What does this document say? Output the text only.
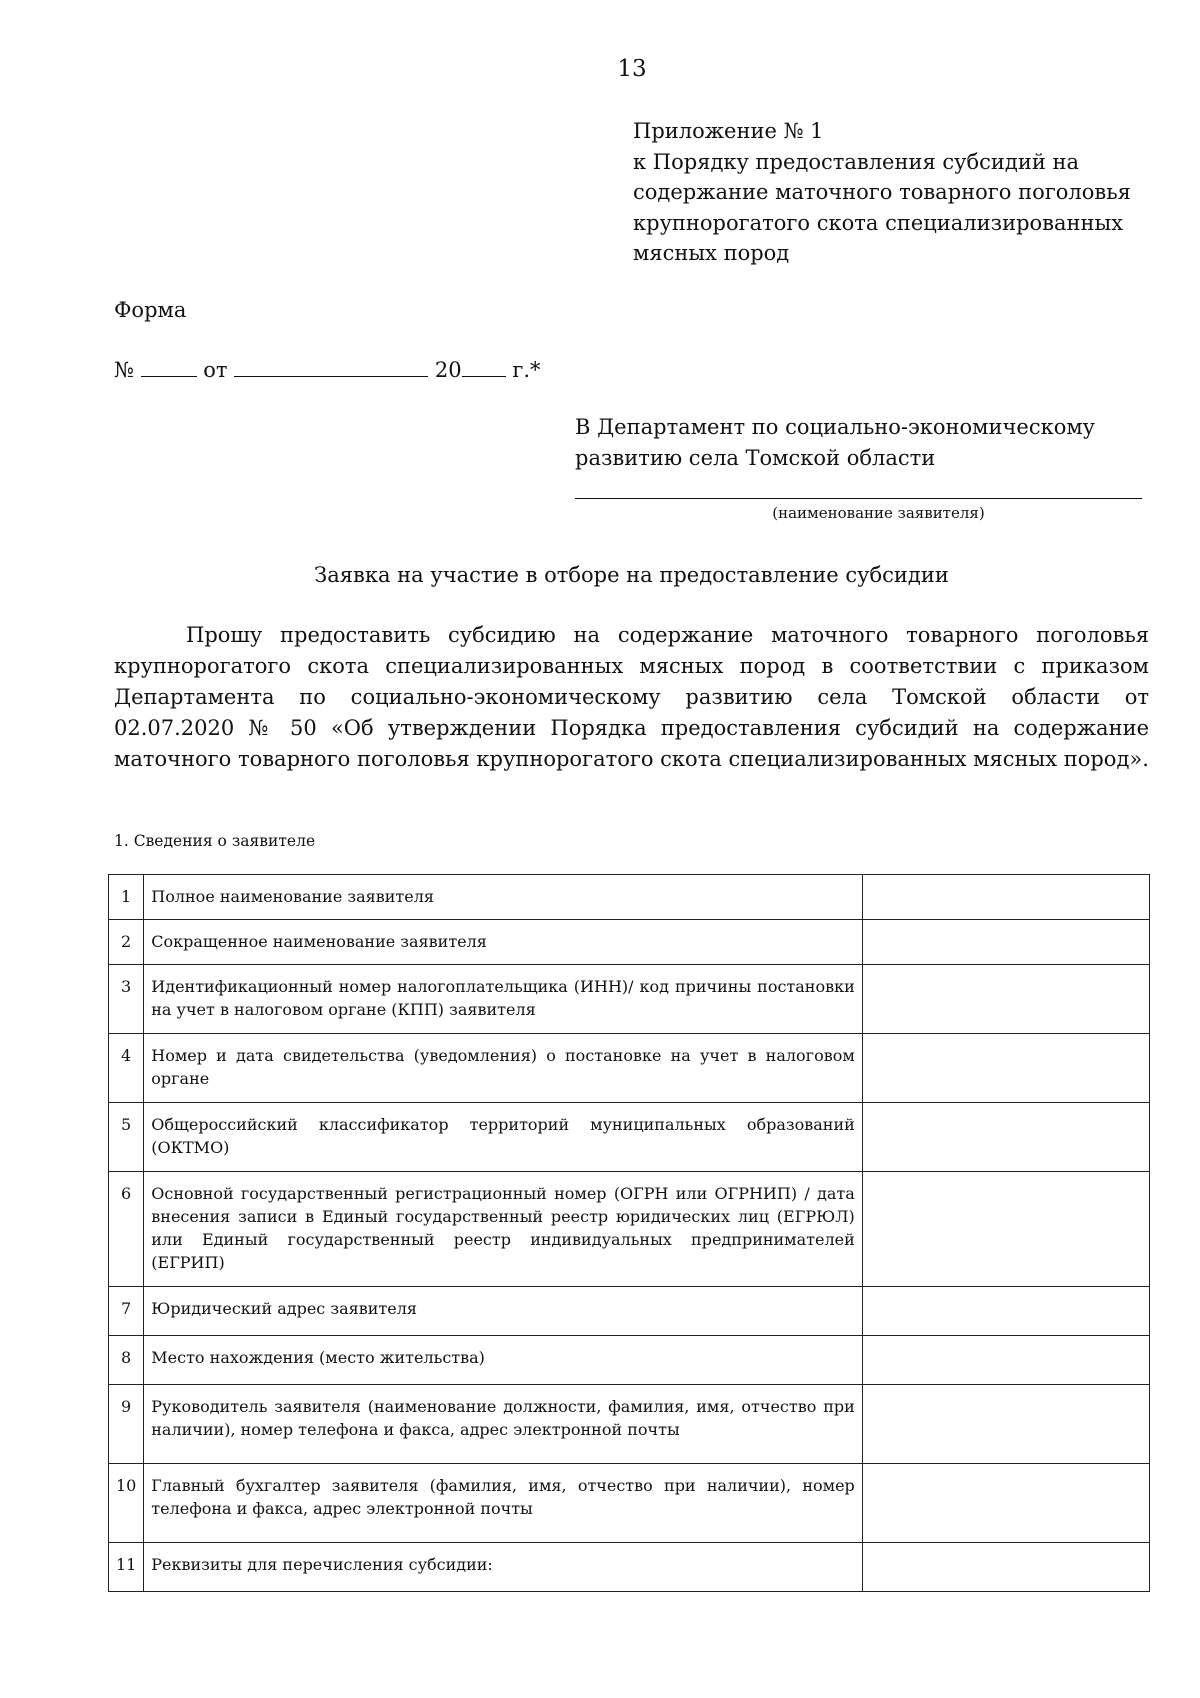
13
Приложение № 1
к Порядку предоставления субсидий на
содержание маточного товарного поголовья
крупнорогатого скота специализированных
мясных пород
Форма
№	от	20 г.*
В Департамент по социально-экономическому
развитию села Томской области
(наименование заявителя)
Заявка на участие в отборе на предоставление субсидии
Прошу предоставить субсидию на содержание маточного товарного поголовья крупнорогатого скота специализированных мясных пород в соответствии с приказом Департамента по социально-экономическому развитию села Томской области от 02.07.2020 № 50 «Об утверждении Порядка предоставления субсидий на содержание маточного товарного поголовья крупнорогатого скота специализированных мясных пород».
1. Сведения о заявителе
1	Полное наименование заявителя	
2	Сокращенное наименование заявителя	
3	Идентификационный номер налогоплательщика (ИНН)/ код причины постановки на учет в налоговом органе (КПП) заявителя	
4	Номер и дата свидетельства (уведомления) о постановке на учет в налоговом органе	
5	Общероссийский классификатор территорий муниципальных образований (ОКТМО)	
6	Основной государственный регистрационный номер (ОГРН или ОГРНИП) / дата внесения записи в Единый государственный реестр юридических лиц (ЕГРЮЛ) или Единый государственный реестр индивидуальных предпринимателей (ЕГРИП)	
7	Юридический адрес заявителя	
8	Место нахождения (место жительства)	
9	Руководитель заявителя (наименование должности, фамилия, имя, отчество при наличии), номер телефона и факса, адрес электронной почты	
10	Главный бухгалтер заявителя (фамилия, имя, отчество при наличии), номер телефона и факса, адрес электронной почты	
11	Реквизиты для перечисления субсидии:	
